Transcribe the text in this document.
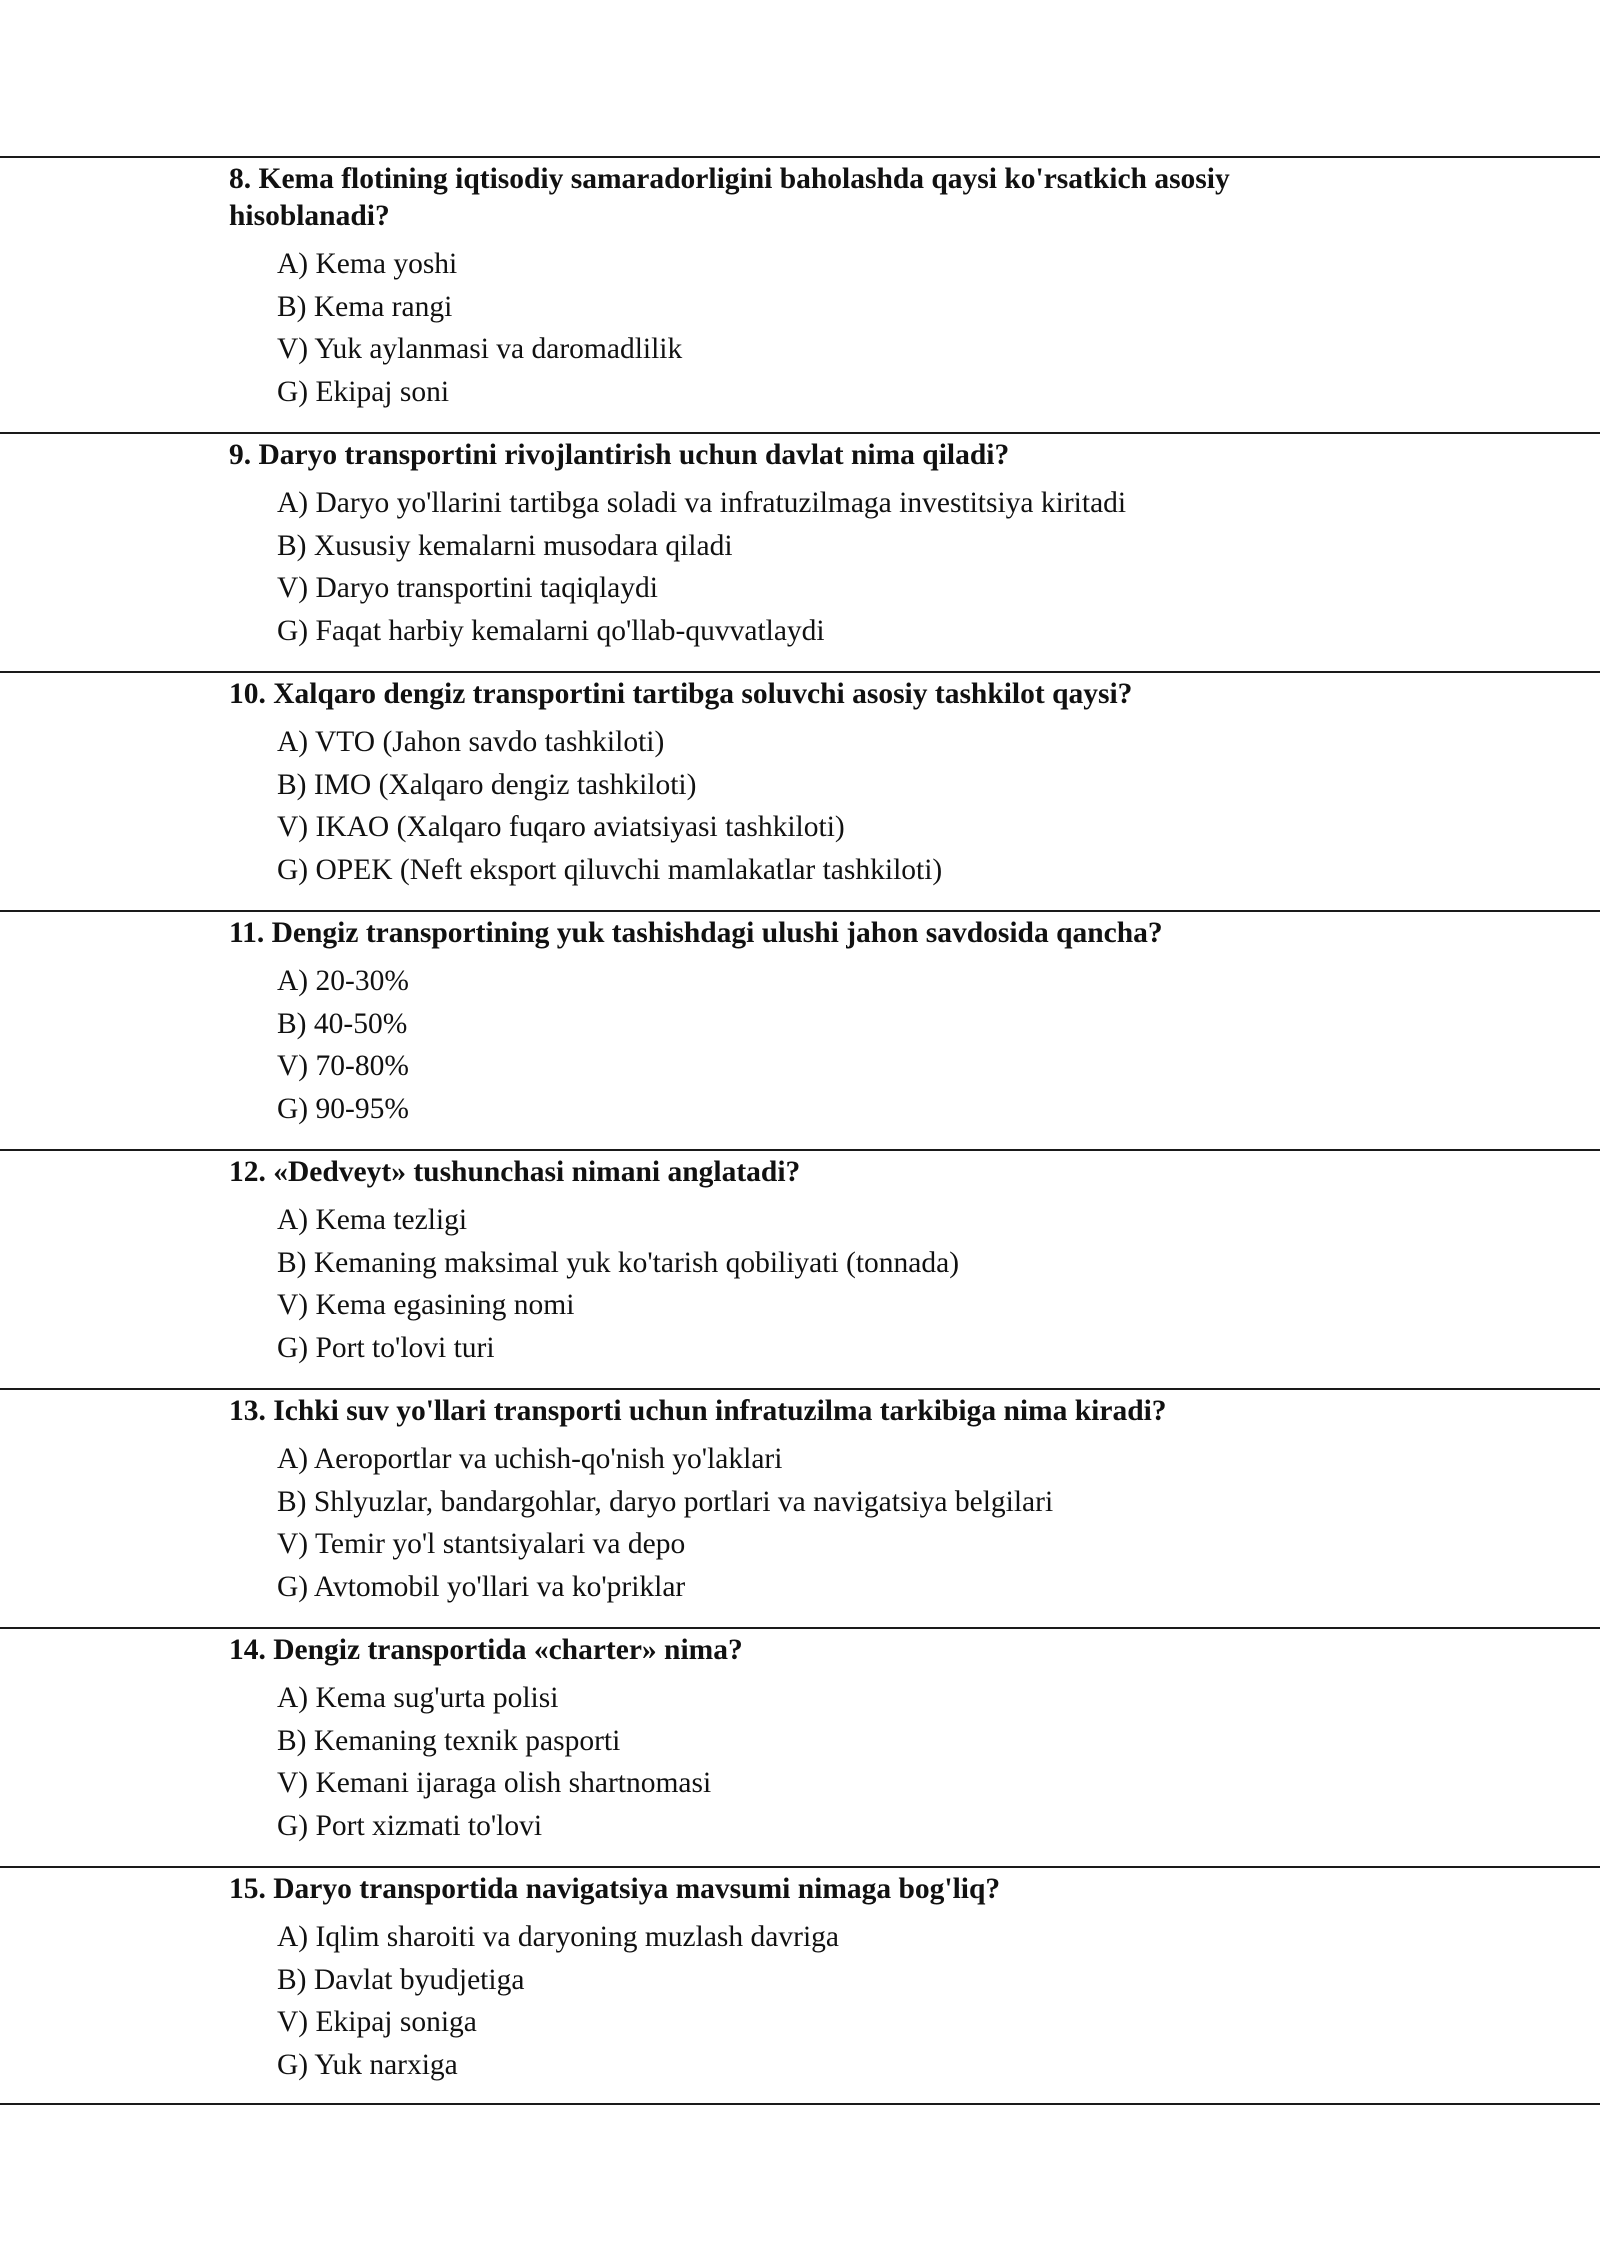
8. Kema flotining iqtisodiy samaradorligini baholashda qaysi ko'rsatkich asosiy hisoblanadi?

A) Kema yoshi
B) Kema rangi
V) Yuk aylanmasi va daromadlilik
G) Ekipaj soni

9. Daryo transportini rivojlantirish uchun davlat nima qiladi?

A) Daryo yo'llarini tartibga soladi va infratuzilmaga investitsiya kiritadi
B) Xususiy kemalarni musodara qiladi
V) Daryo transportini taqiqlaydi
G) Faqat harbiy kemalarni qo'llab-quvvatlaydi

10. Xalqaro dengiz transportini tartibga soluvchi asosiy tashkilot qaysi?

A) VTO (Jahon savdo tashkiloti)
B) IMO (Xalqaro dengiz tashkiloti)
V) IKAO (Xalqaro fuqaro aviatsiyasi tashkiloti)
G) OPEK (Neft eksport qiluvchi mamlakatlar tashkiloti)

11. Dengiz transportining yuk tashishdagi ulushi jahon savdosida qancha?

A) 20-30%
B) 40-50%
V) 70-80%
G) 90-95%

12. «Dedveyt» tushunchasi nimani anglatadi?

A) Kema tezligi
B) Kemaning maksimal yuk ko'tarish qobiliyati (tonnada)
V) Kema egasining nomi
G) Port to'lovi turi

13. Ichki suv yo'llari transporti uchun infratuzilma tarkibiga nima kiradi?

A) Aeroportlar va uchish-qo'nish yo'laklari
B) Shlyuzlar, bandargohlar, daryo portlari va navigatsiya belgilari
V) Temir yo'l stantsiyalari va depo
G) Avtomobil yo'llari va ko'priklar

14. Dengiz transportida «charter» nima?

A) Kema sug'urta polisi
B) Kemaning texnik pasporti
V) Kemani ijaraga olish shartnomasi
G) Port xizmati to'lovi

15. Daryo transportida navigatsiya mavsumi nimaga bog'liq?

A) Iqlim sharoiti va daryoning muzlash davriga
B) Davlat byudjetiga
V) Ekipaj soniga
G) Yuk narxiga
